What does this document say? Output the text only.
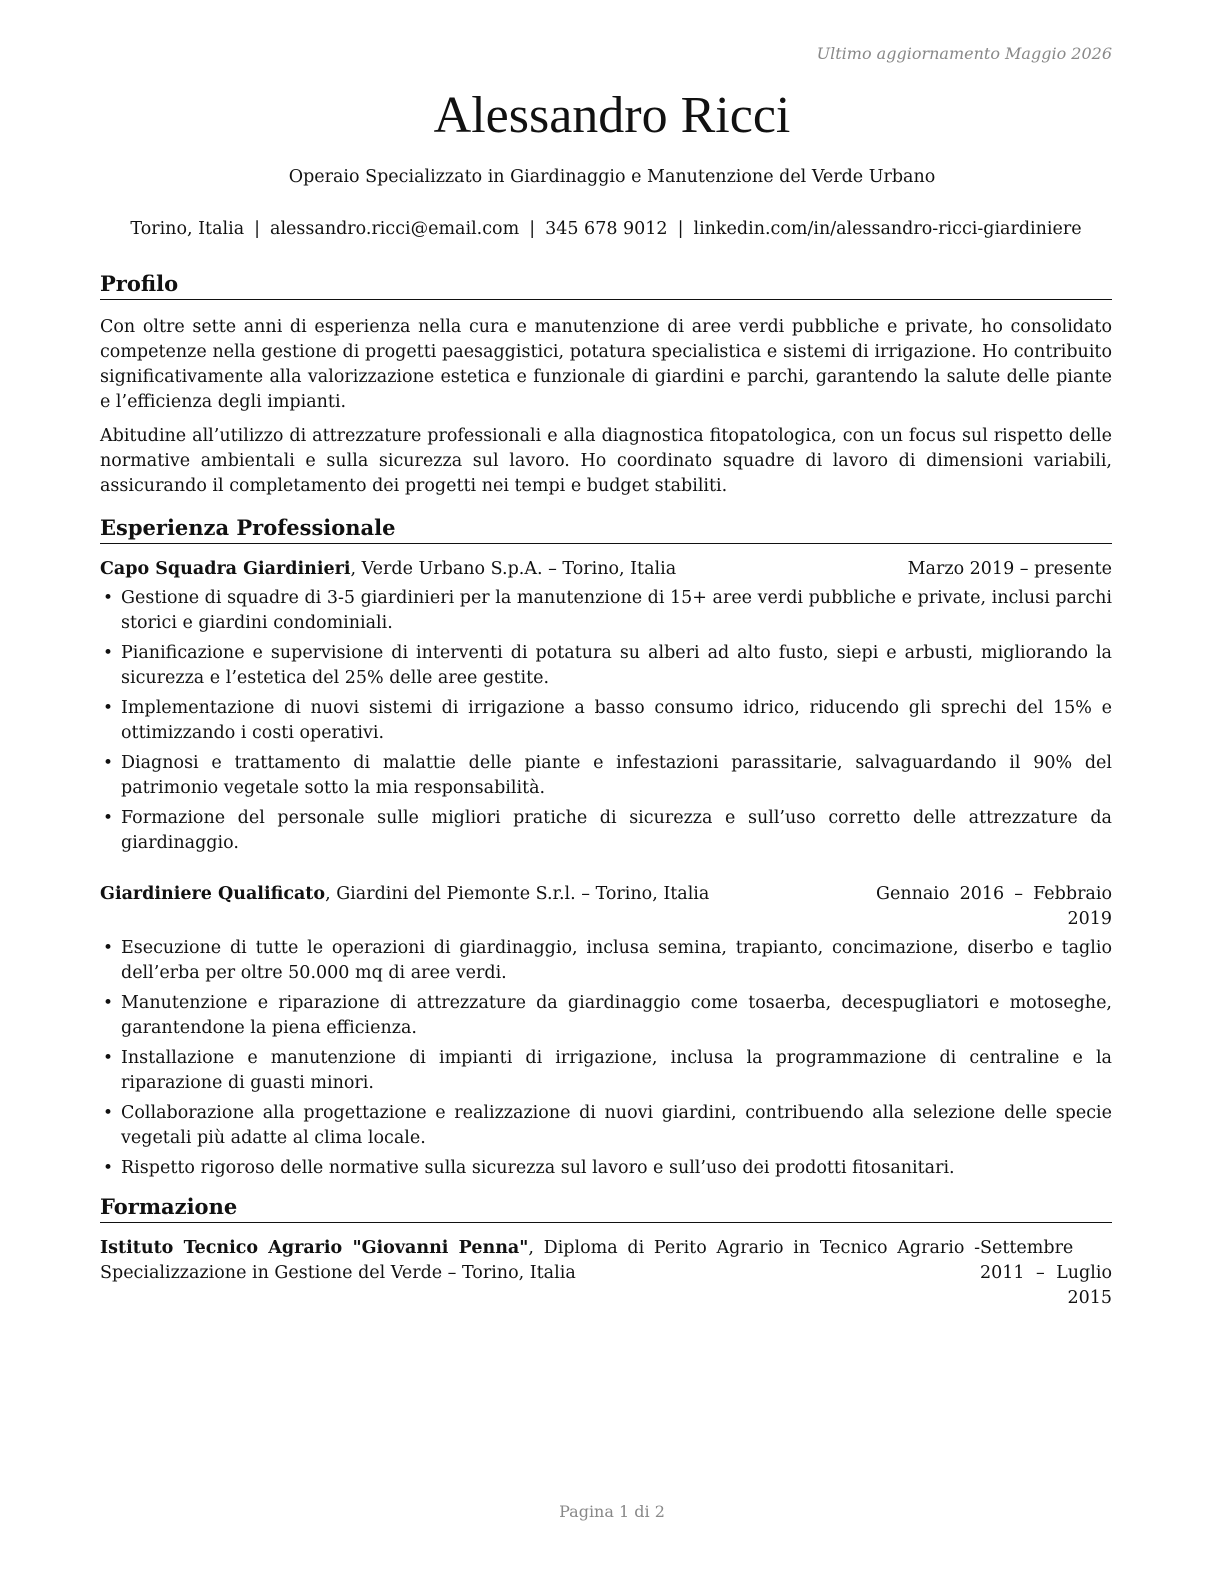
Ultimo aggiornamento Maggio 2026
Alessandro Ricci
Operaio Specializzato in Giardinaggio e Manutenzione del Verde Urbano
Torino, Italia | alessandro.ricci@email.com | 345 678 9012 | linkedin.com/in/alessandro-ricci-giardiniere
Profilo

Con oltre sette anni di esperienza nella cura e manutenzione di aree verdi pubbliche e private, ho consolidato competenze nella gestione di progetti paesaggistici, potatura specialistica e sistemi di irrigazione. Ho contribuito significativamente alla valorizzazione estetica e funzionale di giardini e parchi, garantendo la salute delle piante e l’efficienza degli impianti.

Abitudine all’utilizzo di attrezzature professionali e alla diagnostica fitopatologica, con un focus sul rispetto delle normative ambientali e sulla sicurezza sul lavoro. Ho coordinato squadre di lavoro di dimensioni variabili, assicurando il completamento dei progetti nei tempi e budget stabiliti.

Esperienza Professionale
Capo Squadra Giardinieri, Verde Urbano S.p.A. – Torino, Italia	Marzo 2019 – presente
• Gestione di squadre di 3-5 giardinieri per la manutenzione di 15+ aree verdi pubbliche e private, inclusi parchi storici e giardini condominiali.
• Pianificazione e supervisione di interventi di potatura su alberi ad alto fusto, siepi e arbusti, migliorando la sicurezza e l’estetica del 25% delle aree gestite.
• Implementazione di nuovi sistemi di irrigazione a basso consumo idrico, riducendo gli sprechi del 15% e ottimizzando i costi operativi.
• Diagnosi e trattamento di malattie delle piante e infestazioni parassitarie, salvaguardando il 90% del patrimonio vegetale sotto la mia responsabilità.
• Formazione del personale sulle migliori pratiche di sicurezza e sull’uso corretto delle attrezzature da giardinaggio.
Giardiniere Qualificato, Giardini del Piemonte S.r.l. – Torino, Italia	Gennaio 2016 – Febbraio 2019
• Esecuzione di tutte le operazioni di giardinaggio, inclusa semina, trapianto, concimazione, diserbo e taglio dell’erba per oltre 50.000 mq di aree verdi.
• Manutenzione e riparazione di attrezzature da giardinaggio come tosaerba, decespugliatori e motoseghe, garantendone la piena efficienza.
• Installazione e manutenzione di impianti di irrigazione, inclusa la programmazione di centraline e la riparazione di guasti minori.
• Collaborazione alla progettazione e realizzazione di nuovi giardini, contribuendo alla selezione delle specie vegetali più adatte al clima locale.
• Rispetto rigoroso delle normative sulla sicurezza sul lavoro e sull’uso dei prodotti fitosanitari.
Formazione
Istituto Tecnico Agrario "Giovanni Penna", Diploma di Perito Agrario in Tecnico Agrario - Specializzazione in Gestione del Verde – Torino, Italia
Settembre 2011 – Luglio 2015
Pagina 1 di 2
